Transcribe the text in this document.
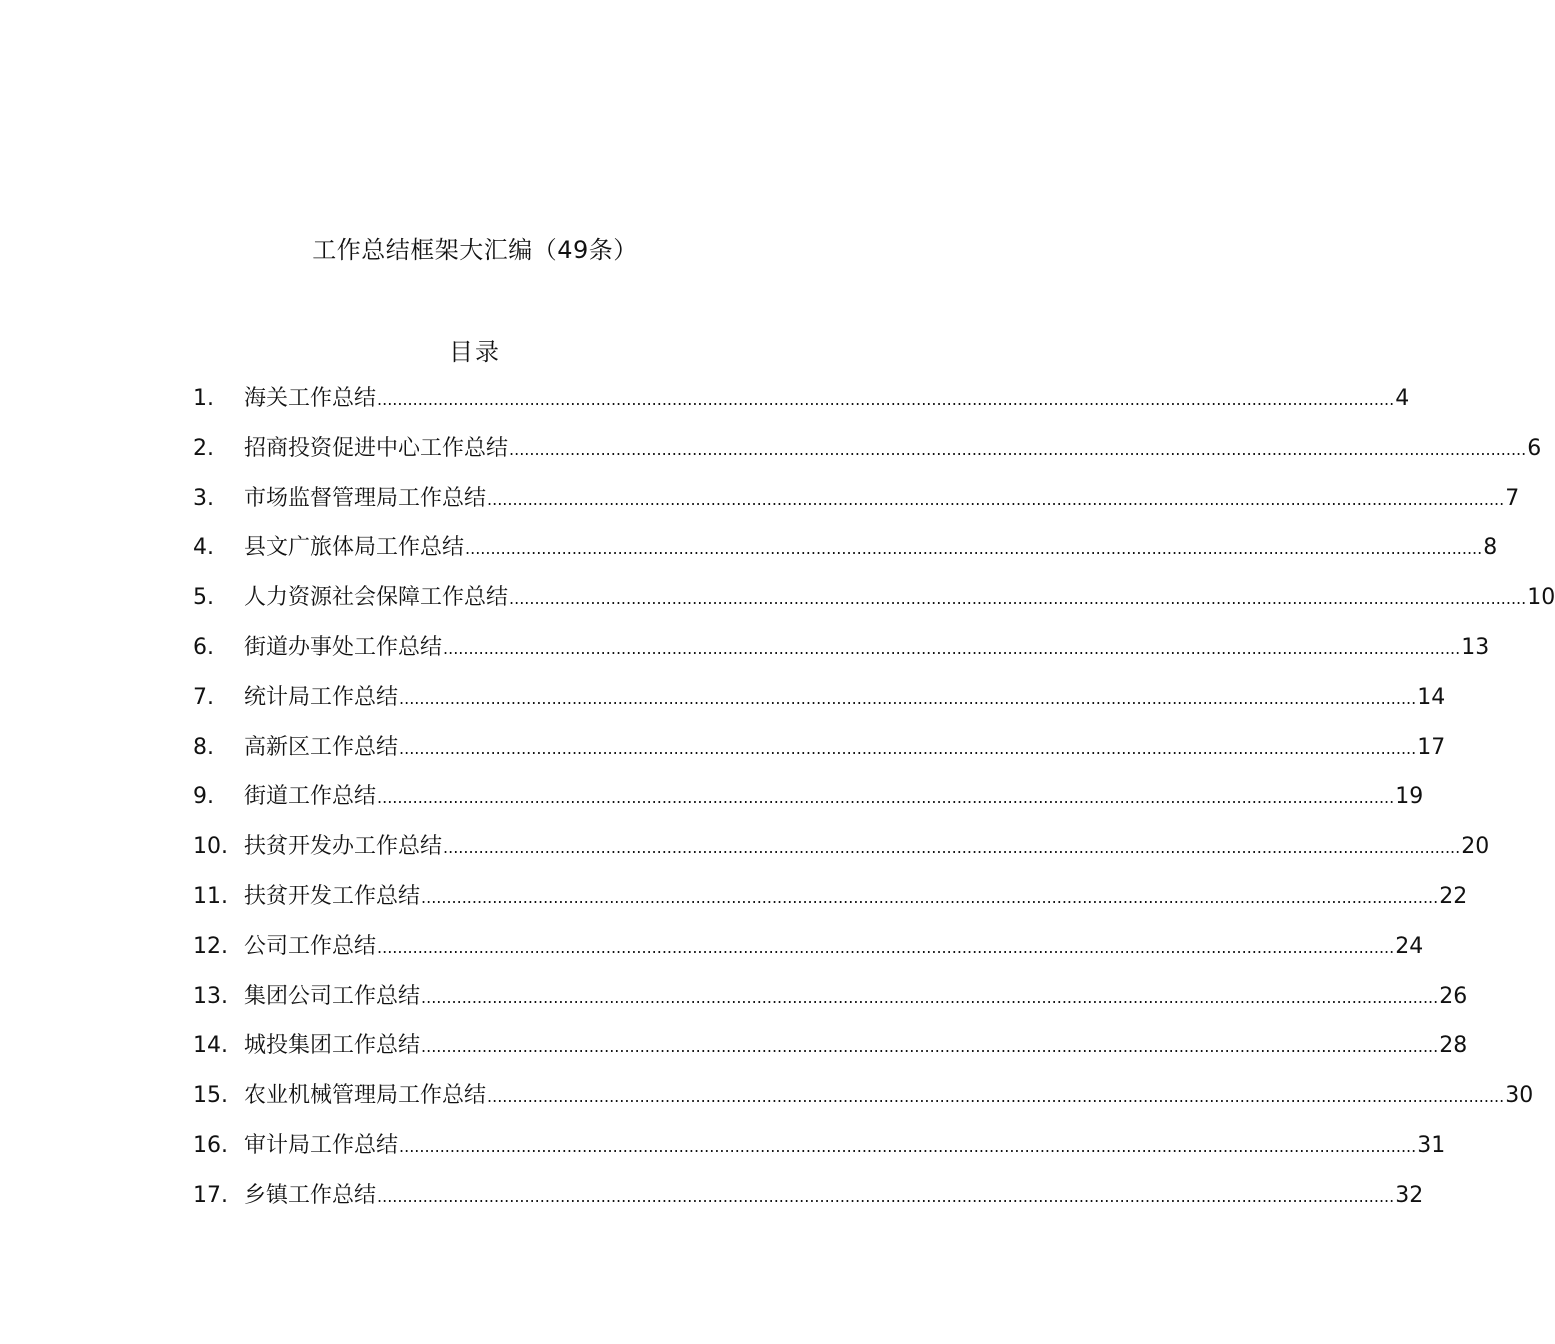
工作总结框架大汇编（49条）
目录
1.	海关工作总结 ........................................................................................................................................................................................................ 4
2.	招商投资促进中心工作总结 ........................................................................................................................................................................................................ 6
3.	市场监督管理局工作总结 ........................................................................................................................................................................................................ 7
4.	县文广旅体局工作总结 ........................................................................................................................................................................................................ 8
5.	人力资源社会保障工作总结 ........................................................................................................................................................................................................ 10
6.	街道办事处工作总结 ........................................................................................................................................................................................................ 13
7.	统计局工作总结 ........................................................................................................................................................................................................ 14
8.	高新区工作总结 ........................................................................................................................................................................................................ 17
9.	街道工作总结 ........................................................................................................................................................................................................ 19
10. 扶贫开发办工作总结 ........................................................................................................................................................................................................ 20
11. 扶贫开发工作总结 ........................................................................................................................................................................................................ 22
12. 公司工作总结 ........................................................................................................................................................................................................ 24
13. 集团公司工作总结 ........................................................................................................................................................................................................ 26
14. 城投集团工作总结 ........................................................................................................................................................................................................ 28
15. 农业机械管理局工作总结 ........................................................................................................................................................................................................ 30
16. 审计局工作总结 ........................................................................................................................................................................................................ 31
17. 乡镇工作总结 ........................................................................................................................................................................................................ 32
